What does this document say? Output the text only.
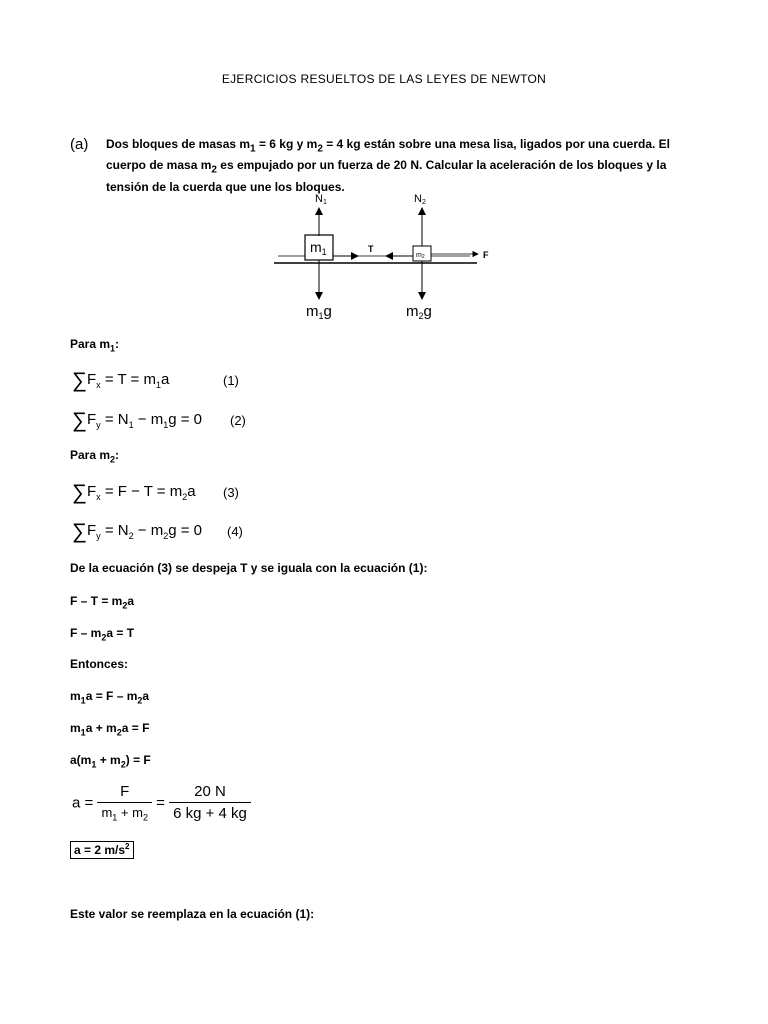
EJERCICIOS RESUELTOS DE LAS LEYES DE NEWTON
(a) Dos bloques de masas $m_1 = 6$ kg y $m_2 = 4$ kg están sobre una mesa lisa, ligados por una cuerda. El cuerpo de masa $m_2$ es empujado por un fuerza de 20 N. Calcular la aceleración de los bloques y la tensión de la cuerda que une los bloques.
$m_1$	m2
N1	N2
T
F
$m_1g$	$m_2g$
Para $m_1$:
$\sum F_x = T = m_1a$	(1)
$\sum F_y = N_1 - m_1g = 0$ (2)
Para $m_2$:
$\sum F_x = F - T = m_2a$ (3)
$\sum F_y = N_2 - m_2g = 0$ (4)
De la ecuación (3) se despeja T y se iguala con la ecuación (1):
$F - T = m_2a$
$F - m_2a = T$
Entonces:
$m_1a = F - m_2a$
$m_1a + m_2a = F$
$a(m_1 + m_2) = F$
$a = \frac{F}{m_1 + m_2} = \frac{20 N}{6 kg + 4 kg}$
a = 2 $m/s^2$
Este valor se reemplaza en la ecuación (1):
